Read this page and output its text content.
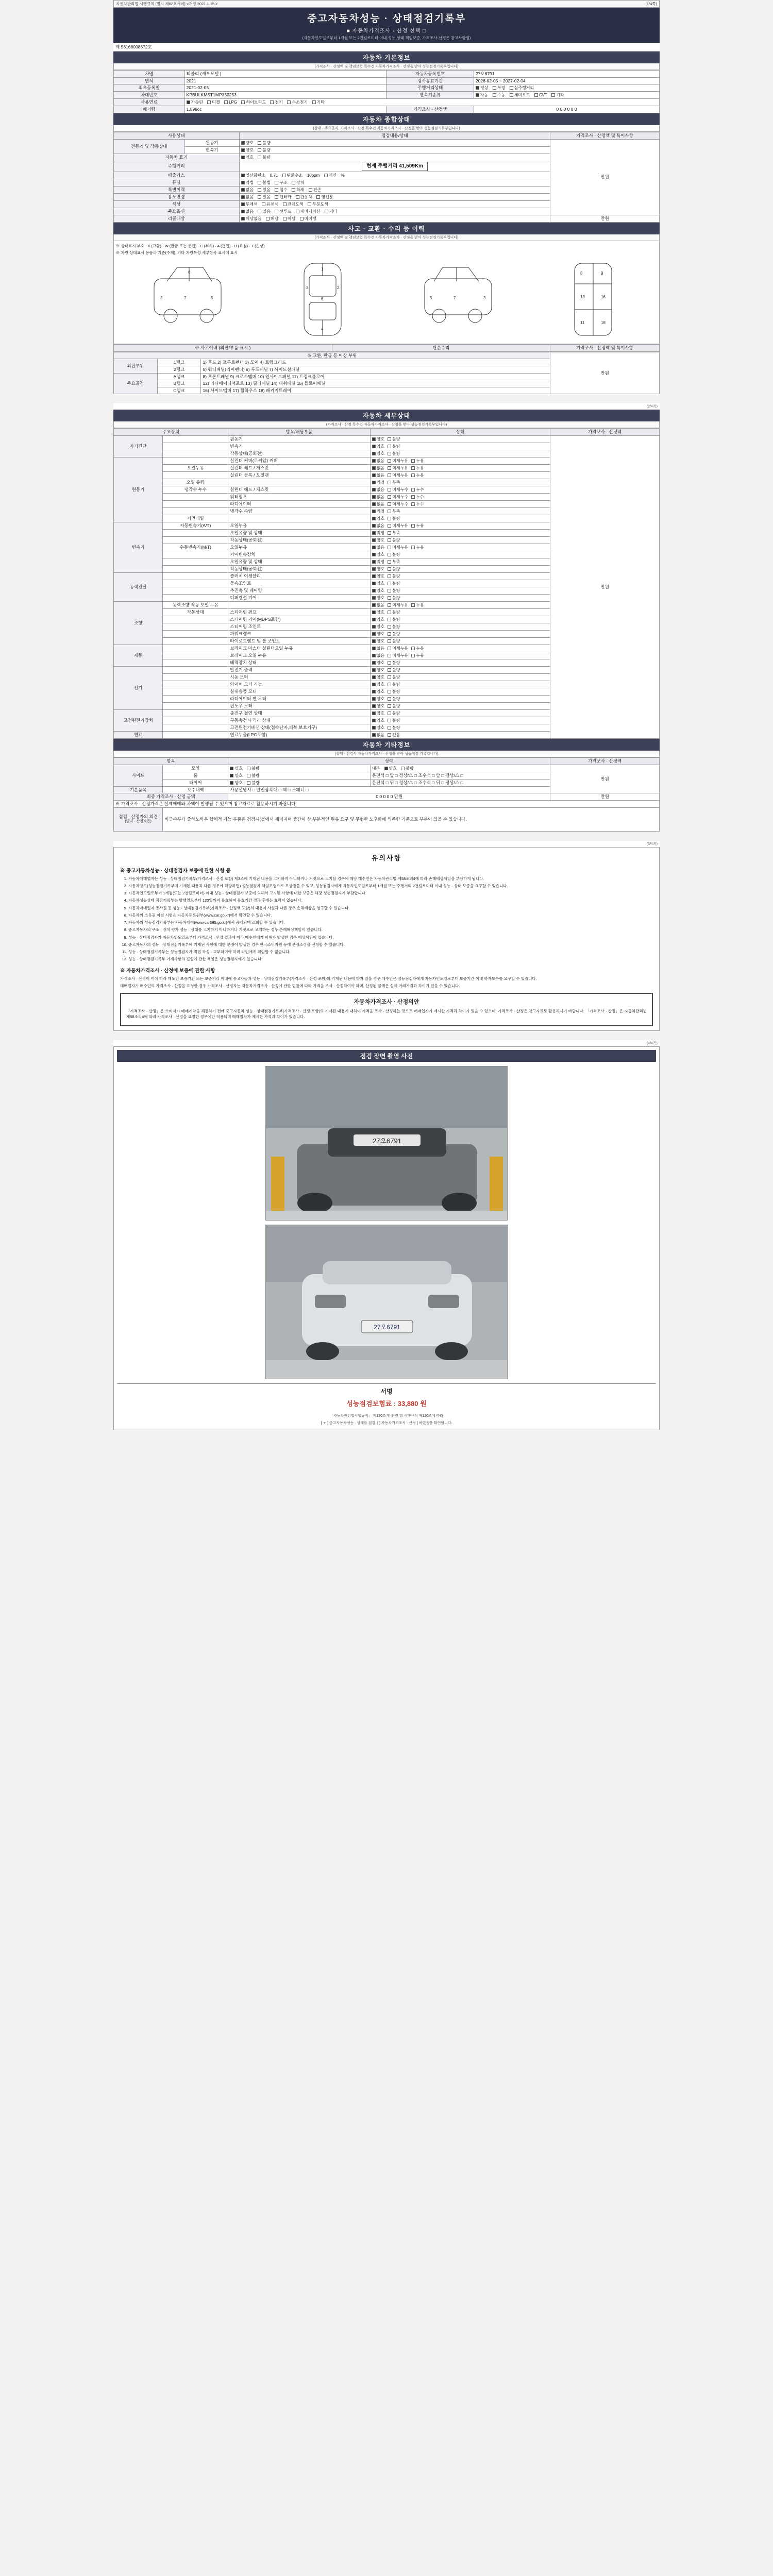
자동차관리법 시행규칙 [별지 제82호서식] <개정 2021.1.15.>	(1/4쪽)
중고자동차성능 · 상태점검기록부
■ 자동차가격조사 · 산정 선택 □
(자동차인도일로부터 1개월 또는 2천킬로미터 이내 성능·상태 책임보증, 가격조사·산정은 참고사항임)
제 56168008672호
자동차 기본정보
(가격조사 · 산정액 및 책임보험 특수건 자동차가격조사 · 산정을 받아 성능점검기록부입니다)
차명	티볼리 (세부모델 )	자동차등록번호	27오6791
연식	2021	검사유효기간	2026-02-05 ~ 2027-02-04
최초등록일	2021-02-05	주행거리상태	정상 부정 실주행거리
차대번호	KPBULKMST1MP350253	변속기종류	자동 수동 세미오토 CVT 기타
사용연료	가솔린 디젤 LPG 하이브리드 전기 수소전기 기타		
배기량	1,598cc	가격조사 · 산정액	0 0 0 0 0 0
자동차 종합상태
(상태 · 주요골격, 가격조사 · 산정 특수건 자동차가격조사 · 산정을 받아 성능점검기록부입니다)
사용상태		점검내용/상태	가격조사 · 산정액 및 특이사항
전동기 및 작동상태	원동기	양호 불량	만원
	변속기	양호 불량	
자동차 표기		양호 불량	
주행거리		현재 주행거리 41,509Km	
배출가스		일산화탄소 0.7L 탄화수소 10ppm 매연 %	
튜닝		적법 불법 구조 장치	
특별이력		없음 있음 침수 화재 전손	
용도변경		없음 있음 렌터카 관용차 영업용	
색상		무채색 유채색 전체도색 부분도색	
주요옵션		없음 있음 선루프 내비게이션 기타	
리콜대상		해당없음 해당 이행 미이행	만원
사고 · 교환 · 수리 등 이력
(가격조사 · 산정액 및 책임보험 특수건 자동차가격조사 · 산정을 받아 성능점검기록부입니다)
※ 상태표시 부호 : X (교환) · W (판금 또는 용접) · C (부식) · A (흠집) · U (요철) · T (손상)
※ 차량 상태표시 용품과 기준(주체), 기타 차량특성 세부항목 표시에 표시
3	7	5
6
1
6
4
2	2
5	7	3
8	9
13	16
11	18
※ 사고이력 (외판/부품 표시 )	단순수리	가격조사 · 산정액 및 특이사항
※ 교환, 판금 등 이상 부위			만원
외판부위	1랭크	1) 후드 2) 프론트펜더 3) 도어 4) 트렁크리드	
	2랭크	5) 쿼터패널(리어펜더) 6) 루프패널 7) 사이드실패널	
주요골격	A랭크	8) 프론트패널 9) 크로스멤버 10) 인사이드패널 11) 트렁크플로어	
	B랭크	12) 라디에이터서포트 13) 필러패널 14) 대쉬패널 15) 플로어패널	
	C랭크	16) 사이드멤버 17) 휠하우스 18) 패키지트레이	
(2/4쪽)
자동차 세부상태
(가격조사 · 산정 특수건 자동차가격조사 · 산정을 받아 성능점검기록부입니다)
주요장치		항목/해당부품	상태	가격조사 · 산정액
자기진단		원동기	양호 불량	만원
		변속기	양호 불량	
		작동상태(공회전)	양호 불량	
원동기		실린더 커버(로커암) 커버	없음 미세누유 누유	
	오일누유	실린더 헤드 / 개스킷	없음 미세누유 누유	
		실린더 블록 / 오일팬	없음 미세누유 누유	
	오일 유량		적정 부족	
	냉각수 누수	실린더 헤드 / 개스킷	없음 미세누수 누수	
		워터펌프	없음 미세누수 누수	
		라디에이터	없음 미세누수 누수	
		냉각수 수량	적정 부족	
	커먼레일		양호 불량	
변속기	자동변속기(A/T)	오일누유	없음 미세누유 누유	
		오일유량 및 상태	적정 부족	
		작동상태(공회전)	양호 불량	
	수동변속기(M/T)	오일누유	없음 미세누유 누유	
		기어변속장치	양호 불량	
		오일유량 및 상태	적정 부족	
		작동상태(공회전)	양호 불량	
동력전달		클러치 어셈블리	양호 불량	
		등속조인트	양호 불량	
		추진축 및 베어링	양호 불량	
		디퍼렌셜 기어	양호 불량	
조향	동력조향 작동 오일 누유		없음 미세누유 누유	
	작동상태	스티어링 펌프	양호 불량	
		스티어링 기어(MDPS포함)	양호 불량	
		스티어링 조인트	양호 불량	
		파워크랭크	양호 불량	
		타이로드엔드 및 볼 조인트	양호 불량	
제동		브레이크 마스터 실린더오일 누유	없음 미세누유 누유	
		브레이크 오일 누유	없음 미세누유 누유	
		배력장치 상태	양호 불량	
전기		발전기 출력	양호 불량	
		시동 모터	양호 불량	
		와이퍼 모터 기능	양호 불량	
		실내송풍 모터	양호 불량	
		라디에이터 팬 모터	양호 불량	
		윈도우 모터	양호 불량	
고전원전기장치		충전구 절연 상태	양호 불량	
		구동축전지 격리 상태	양호 불량	
		고전원전기배선 상태(접속단자,피복,보호기구)	양호 불량	
연료		연료누출(LPG포함)	없음 있음	
자동차 기타정보
(상태 · 점검사 자동차가격조사 · 산정을 받아 성능점검 기록입니다)
항목		상태		가격조사 · 산정액
사이드	모양	양호 불량	내부 양호 불량	만원
	룸	양호 불량	운전석 □ 앞 □ 정상/△ □ 조수석 □ 앞 □ 정상/△ □	
	타이어	양호 불량	운전석 □ 뒤 □ 정상/△ □ 조수석 □ 뒤 □ 정상/△ □	
기본품목	보수내역	사용설명서 □ 안전삼각대 □ 잭 □ 스패너 □		
최종 가격조사 · 산정 금액		0 0 0 0 0 만원		만원
※ 가격조사 · 산정가격은 실제매매와 차액이 발생될 수 있으며 참고자료로 활용하시기 바랍니다.				

점검 · 산정자의 의견
(별지 · 산정자용)	비금속부터 출하노하우 합체적 기능 부품은 검검시(볼에서 세퍼지며 중간이 상 부분적인 원유 요구 및 무형한 노후화에 의존한 기준으로 부분이 있을 수 있습니다.			
(3/4쪽)
유의사항
※ 중고자동차성능 · 상태점검자 보증에 관한 사항 등
1. 자동차매매업자는 성능 · 상태점검기록부(가격조사 · 산정 포함) 제3조에 기재된 내용을 고지하지 아니하거나 거짓으로 고지할 경우에 해당 매수인은 자동차관리법 제58조의4에 따라 손해배상책임을 부담하게 됩니다.
2. 자동차양도(성능점검기록부에 기재된 내용과 다른 경우에 해당하면) 성능점검자 책임보험으로 보상받을 수 있고, 성능점검자에게 자동차인도일로부터 1개월 또는 주행거리 2천킬로미터 이내 성능 · 상태 보증을 요구할 수 있습니다.
3. 자동차인도일로부터 1개월(또는 2천킬로미터) 이내 성능 · 상태점검자 보증에 의해서 고지된 사항에 대한 보증은 해당 성능점검자가 부담합니다.
4. 자동차성능상태 점검기록부는 발행일로부터 120일까지 유효하며 유효기간 경과 후에는 효력이 없습니다.
5. 자동차매매업자 종사원 등 성능 · 상태점검기록부(가격조사 · 산정액 포함)의 내용이 사실과 다른 경우 손해배상을 청구할 수 있습니다.
6. 자동차의 소유권 이전 시험은 자동차등록원부(www.car.go.kr)에서 확인할 수 있습니다.
7. 자동차의 성능점검기록부는 자동차대여(www.car365.go.kr)에서 공개되며 조회할 수 있습니다.
8. 중고자동차의 구조 · 장치 평가 성능 · 상태를 고지하지 아니하거나 거짓으로 고지하는 경우 손해배상책임이 있습니다.
9. 성능 · 상태점검자가 자동차인도일로부터 가격조사 · 산정 결과에 따라 매수인에게 피해가 발생한 경우 배상책임이 있습니다.
10. 중고자동차의 성능 · 상태점검기록부에 기재된 사항에 대한 분쟁이 발생한 경우 한국소비자원 등에 분쟁조정을 신청할 수 있습니다.
11. 성능 · 상태점검기록부는 성능점검자가 직접 작성 · 교부하여야 하며 타인에게 위임할 수 없습니다.
12. 성능 · 상태점검기록부 기재사항의 진실에 관한 책임은 성능점검자에게 있습니다.
※ 자동차가격조사 · 산정에 보증에 관한 사항

가격조사 · 산정이 이에 따라 매도인 보증기간 또는 보증거리 이내에 중고자동차 성능 · 상태점검기록부(가격조사 · 산정 포함)의 기재된 내용에 하자 있을 경우 매수인은 성능점검자에게 자동차인도일로부터 보증기간 이내 하자보수를 요구할 수 있습니다.

매매업자가 매수인의 가격조사 · 산정을 요청한 경우 가격조사 · 산정자는 자동차가격조사 · 산정에 관한 법률에 따라 가격을 조사 · 산정하여야 하며, 산정된 금액은 실제 거래가격과 차이가 있을 수 있습니다.

자동차가격조사 · 산정의안

「가격조사 · 산정」은 소비자가 매매계약을 체결하기 전에 중고자동차 성능 · 상태점검기록부(가격조사 · 산정 포함)의 기재된 내용에 대하여 가격을 조사 · 산정하는 것으로 매매업자가 제시한 가격과 차이가 있을 수 있으며, 가격조사 · 산정은 참고자료로 활용하시기 바랍니다. 「가격조사 · 산정」은 자동차관리법 제58조의4에 따라 가격조사 · 산정을 요청한 경우에만 적용되며 매매업자가 제시한 가격과 차이가 있습니다.

(4/4쪽)
점검 장면 촬영 사진
27오6791
27오6791
서명
성능점검보험료 : 33,880 원
「자동차관리법시행규칙」 제120조 및 관련 법 시행규칙 제120조에 따라
[ ㅜ ] 중고자동차성능 · 상태를 점검, [ ] 자동차가격조사 · 산정 ] 하였음을 확인합니다.
